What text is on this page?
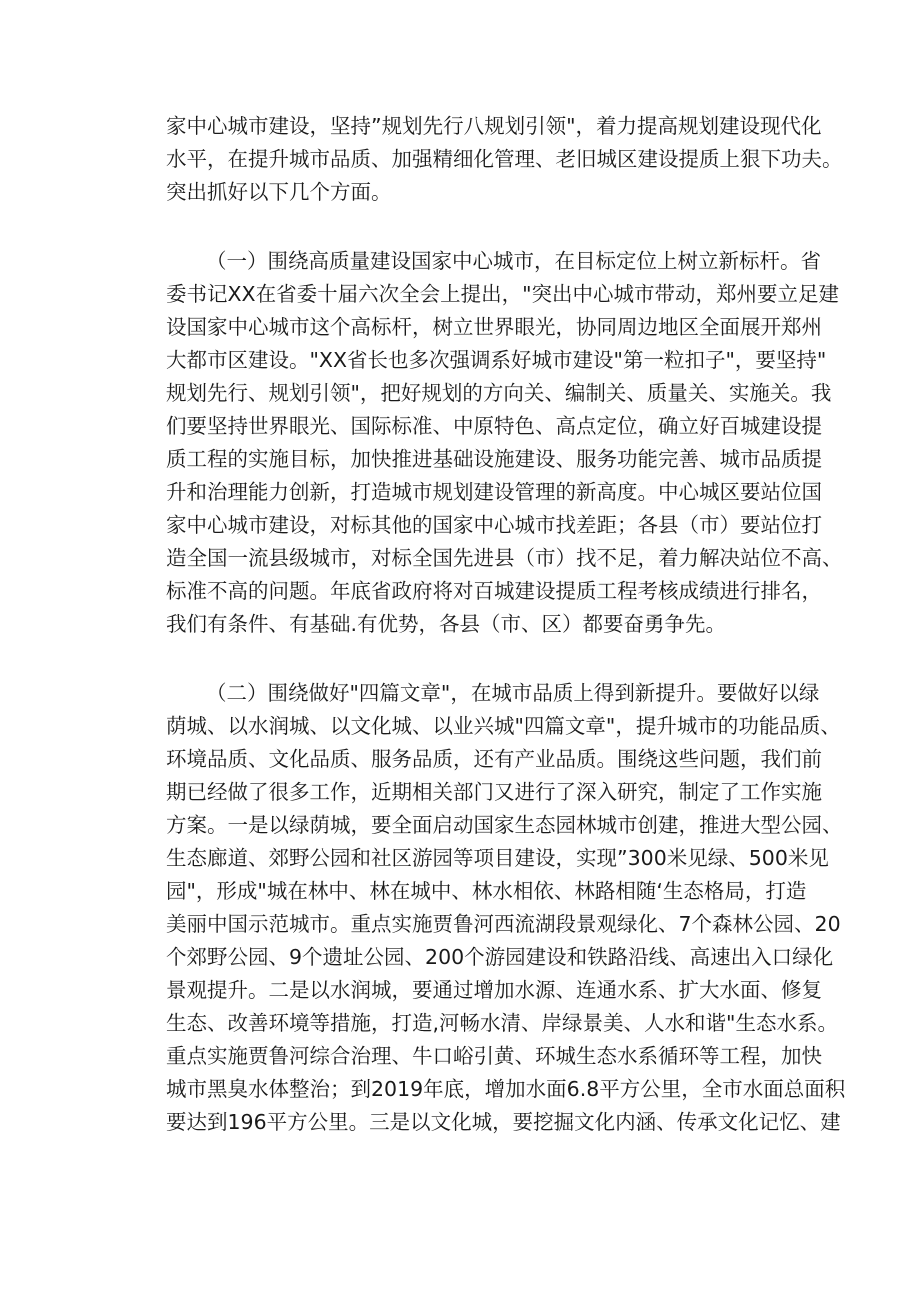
家中心城市建设，坚持”规划先行八规划引领"，着力提高规划建设现代化
水平，在提升城市品质、加强精细化管理、老旧城区建设提质上狠下功夫。
突出抓好以下几个方面。
（一）围绕高质量建设国家中心城市，在目标定位上树立新标杆。省
委书记XX在省委十届六次全会上提出，"突出中心城市带动，郑州要立足建
设国家中心城市这个高标杆，树立世界眼光，协同周边地区全面展开郑州
大都市区建设。"XX省长也多次强调系好城市建设"第一粒扣子"，要坚持"
规划先行、规划引领"，把好规划的方向关、编制关、质量关、实施关。我
们要坚持世界眼光、国际标准、中原特色、高点定位，确立好百城建设提
质工程的实施目标，加快推进基础设施建设、服务功能完善、城市品质提
升和治理能力创新，打造城市规划建设管理的新高度。中心城区要站位国
家中心城市建设，对标其他的国家中心城市找差距；各县（市）要站位打
造全国一流县级城市，对标全国先进县（市）找不足，着力解决站位不高、
标准不高的问题。年底省政府将对百城建设提质工程考核成绩进行排名，
我们有条件、有基础.有优势，各县（市、区）都要奋勇争先。
（二）围绕做好"四篇文章"，在城市品质上得到新提升。要做好以绿
荫城、以水润城、以文化城、以业兴城"四篇文章"，提升城市的功能品质、
环境品质、文化品质、服务品质，还有产业品质。围绕这些问题，我们前
期已经做了很多工作，近期相关部门又进行了深入研究，制定了工作实施
方案。一是以绿荫城，要全面启动国家生态园林城市创建，推进大型公园、
生态廊道、郊野公园和社区游园等项目建设，实现”300米见绿、500米见
园"，形成"城在林中、林在城中、林水相依、林路相随‘生态格局，打造
美丽中国示范城市。重点实施贾鲁河西流湖段景观绿化、7个森林公园、20
个郊野公园、9个遗址公园、200个游园建设和铁路沿线、高速出入口绿化
景观提升。二是以水润城，要通过增加水源、连通水系、扩大水面、修复
生态、改善环境等措施，打造,河畅水清、岸绿景美、人水和谐"生态水系。
重点实施贾鲁河综合治理、牛口峪引黄、环城生态水系循环等工程，加快
城市黑臭水体整治；到2019年底，增加水面6.8平方公里，全市水面总面积
要达到196平方公里。三是以文化城，要挖掘文化内涵、传承文化记忆、建
